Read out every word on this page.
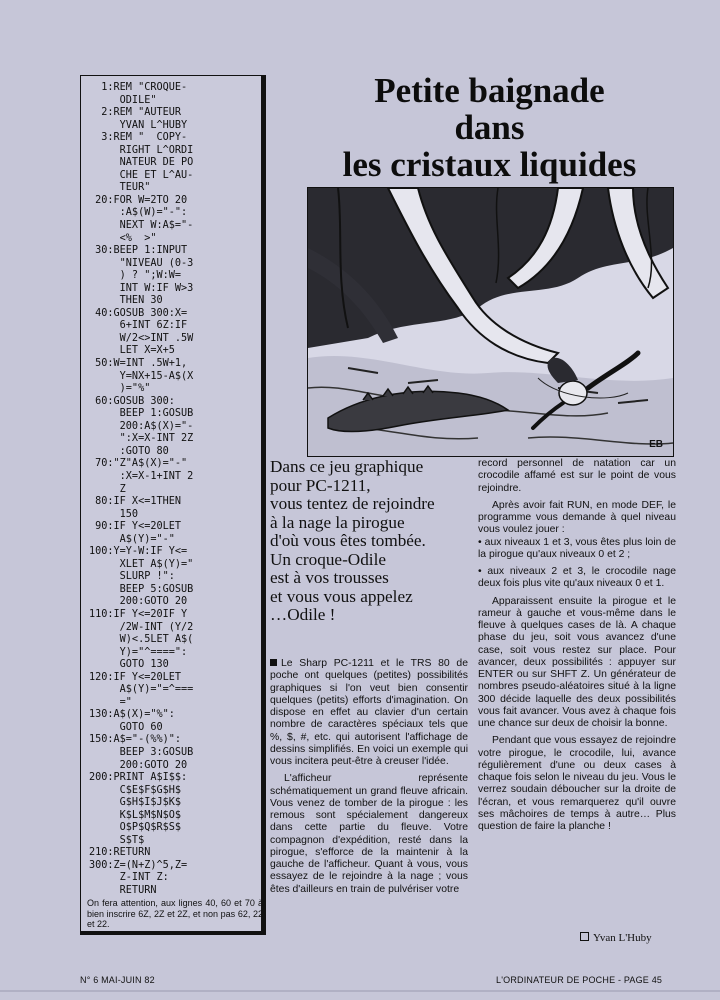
1:REM "CROQUE-
ODILE"
2:REM "AUTEUR
YVAN L^HUBY
3:REM "  COPY-
RIGHT L^ORDI
NATEUR DE PO
CHE ET L^AU-
TEUR"
20:FOR W=2TO 20
:A$(W)="-":
NEXT W:A$="-
<%  >"
30:BEEP 1:INPUT
"NIVEAU (0-3
) ? ";W:W=
INT W:IF W>3
THEN 30
40:GOSUB 300:X=
6+INT 6Z:IF
W/2<>INT .5W
LET X=X+5
50:W=INT .5W+1,
Y=NX+15-A$(X
)="%"
60:GOSUB 300:
BEEP 1:GOSUB
200:A$(X)="-
":X=X-INT 2Z
:GOTO 80
70:"Z"A$(X)="-"
:X=X-1+INT 2
Z
80:IF X<=1THEN
150
90:IF Y<=20LET
A$(Y)="-"
100:Y=Y-W:IF Y<=
XLET A$(Y)="
SLURP !":
BEEP 5:GOSUB
200:GOTO 20
110:IF Y<=20IF Y
/2W-INT (Y/2
W)<.5LET A$(
Y)="^====":
GOTO 130
120:IF Y<=20LET
A$(Y)="=^===
="
130:A$(X)="%":
GOTO 60
150:A$="-(%%)":
BEEP 3:GOSUB
200:GOTO 20
200:PRINT A$I$$:
C$E$F$G$H$
G$H$I$J$K$
K$L$M$N$O$
O$P$Q$R$S$
S$T$
210:RETURN
300:Z=(N+Z)^5,Z=
Z-INT Z:
RETURN
On fera attention, aux lignes 40, 60 et 70 à bien inscrire 6Z, 2Z et 2Z, et non pas 62, 22 et 22.
Petite baignade
dans
les cristaux liquides
EB
Dans ce jeu graphique
pour PC-1211,
vous tentez de rejoindre
à la nage la pirogue
d'où vous êtes tombée.
Un croque-Odile
est à vos trousses
et vous vous appelez
…Odile !

Le Sharp PC-1211 et le TRS 80 de poche ont quelques (petites) possibilités graphiques si l'on veut bien consentir quelques (petits) efforts d'imagination. On dispose en effet au clavier d'un certain nombre de caractères spéciaux tels que %, $, #, etc. qui autorisent l'affichage de dessins simplifiés. En voici un exemple qui vous incitera peut-être à creuser l'idée.

L'afficheur représente schématiquement un grand fleuve africain. Vous venez de tomber de la pirogue : les remous sont spécialement dangereux dans cette partie du fleuve. Votre compagnon d'expédition, resté dans la pirogue, s'efforce de la maintenir à la gauche de l'afficheur. Quant à vous, vous essayez de le rejoindre à la nage ; vous êtes d'ailleurs en train de pulvériser votre

record personnel de natation car un crocodile affamé est sur le point de vous rejoindre.

Après avoir fait RUN, en mode DEF, le programme vous demande à quel niveau vous voulez jouer :

• aux niveaux 1 et 3, vous êtes plus loin de la pirogue qu'aux niveaux 0 et 2 ;

• aux niveaux 2 et 3, le crocodile nage deux fois plus vite qu'aux niveaux 0 et 1.

Apparaissent ensuite la pirogue et le rameur à gauche et vous-même dans le fleuve à quelques cases de là. A chaque phase du jeu, soit vous avancez d'une case, soit vous restez sur place. Pour avancer, deux possibilités : appuyer sur ENTER ou sur SHFT Z. Un générateur de nombres pseudo-aléatoires situé à la ligne 300 décide laquelle des deux possibilités vous fait avancer. Vous avez à chaque fois une chance sur deux de choisir la bonne.

Pendant que vous essayez de rejoindre votre pirogue, le crocodile, lui, avance régulièrement d'une ou deux cases à chaque fois selon le niveau du jeu. Vous le verrez soudain déboucher sur la droite de l'écran, et vous remarquerez qu'il ouvre ses mâchoires de temps à autre… Plus question de faire la planche !

Yvan L'Huby
N° 6 MAI-JUIN 82	L'ORDINATEUR DE POCHE - PAGE 45
